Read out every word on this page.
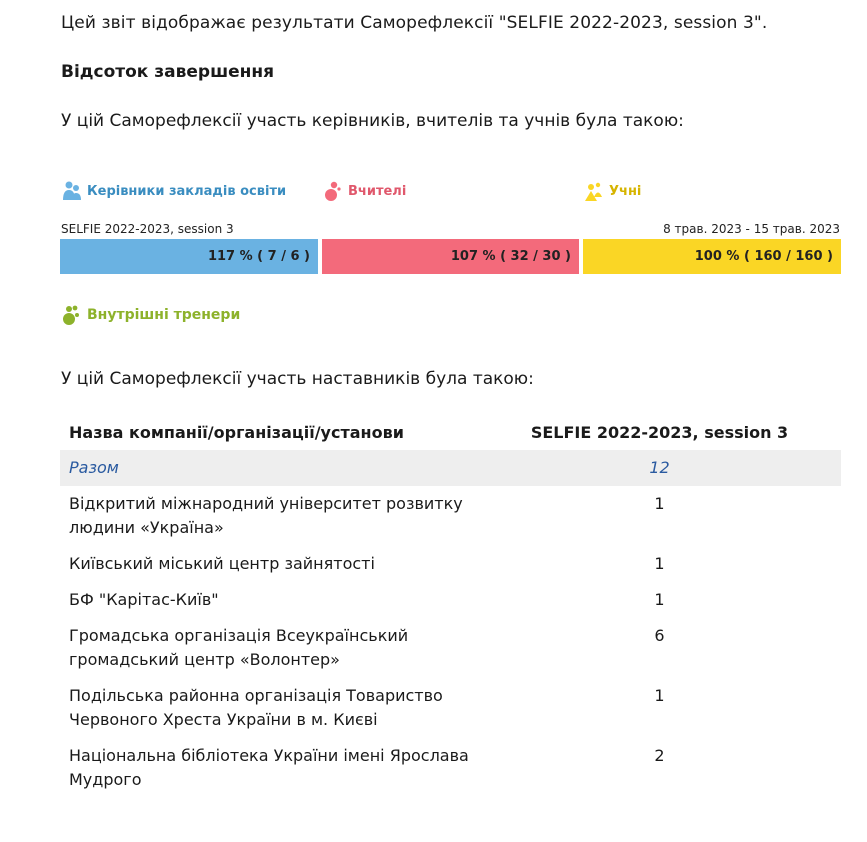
Цей звіт відображає результати Саморефлексії "SELFIE 2022-2023, session 3".
Відсоток завершення
У цій Саморефлексії участь керівників, вчителів та учнів була такою:
Керівники закладів освіти	Вчителі	Учні
SELFIE 2022-2023, session 3	8 трав. 2023 - 15 трав. 2023
117 % ( 7 / 6 )	107 % ( 32 / 30 )	100 % ( 160 / 160 )
Внутрішні тренери
У цій Саморефлексії участь наставників була такою:
Назва компанії/організації/установи	SELFIE 2022-2023, session 3
Разом	12
Відкритий міжнародний університет розвитку людини «Україна»	1
Київський міський центр зайнятості	1
БФ "Карітас-Київ"	1
Громадська організація Всеукраїнський громадський центр «Волонтер»	6
Подільська районна організація Товариство Червоного Хреста України в м. Києві	1
Національна бібліотека України імені Ярослава Мудрого	2
